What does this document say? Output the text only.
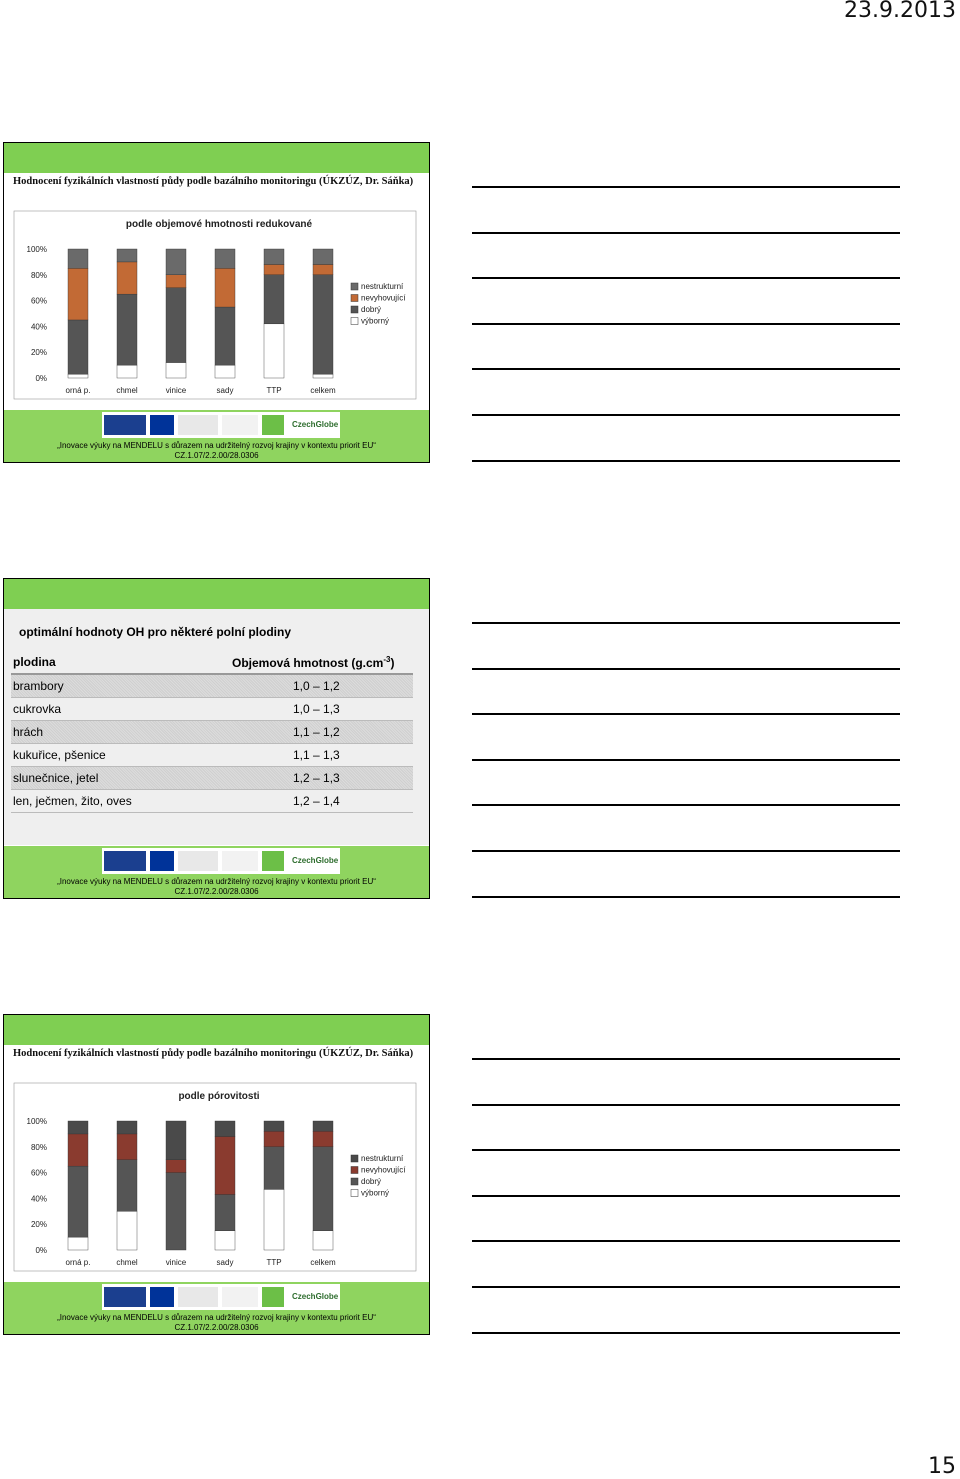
23.9.2013
Hodnocení fyzikálních vlastností půdy podle bazálního monitoringu (ÚKZÚZ, Dr. Sáňka)
podle objemové hmotnosti redukované
100%
80%
60%
40%
20%
0%
orná p.	chmel	vinice	sady	TTP	celkem
nestrukturní
nevyhovující
dobrý
výborný
CzechGlobe
„Inovace výuky na MENDELU s důrazem na udržitelný rozvoj krajiny v kontextu priorit EU“
CZ.1.07/2.2.00/28.0306
optimální hodnoty OH pro některé polní plodiny
plodina	Objemová hmotnost $(g.cm^{-3})$
brambory	1,0 – 1,2
cukrovka	1,0 – 1,3
hrách	1,1 – 1,2
kukuřice, pšenice	1,1 – 1,3
slunečnice, jetel	1,2 – 1,3
len, ječmen, žito, oves	1,2 – 1,4
CzechGlobe
„Inovace výuky na MENDELU s důrazem na udržitelný rozvoj krajiny v kontextu priorit EU“
CZ.1.07/2.2.00/28.0306
Hodnocení fyzikálních vlastností půdy podle bazálního monitoringu (ÚKZÚZ, Dr. Sáňka)
podle pórovitosti
100%
80%
60%
40%
20%
0%
orná p.	chmel	vinice	sady	TTP	celkem
nestrukturní
nevyhovující
dobrý
výborný
CzechGlobe
„Inovace výuky na MENDELU s důrazem na udržitelný rozvoj krajiny v kontextu priorit EU“
CZ.1.07/2.2.00/28.0306
15
